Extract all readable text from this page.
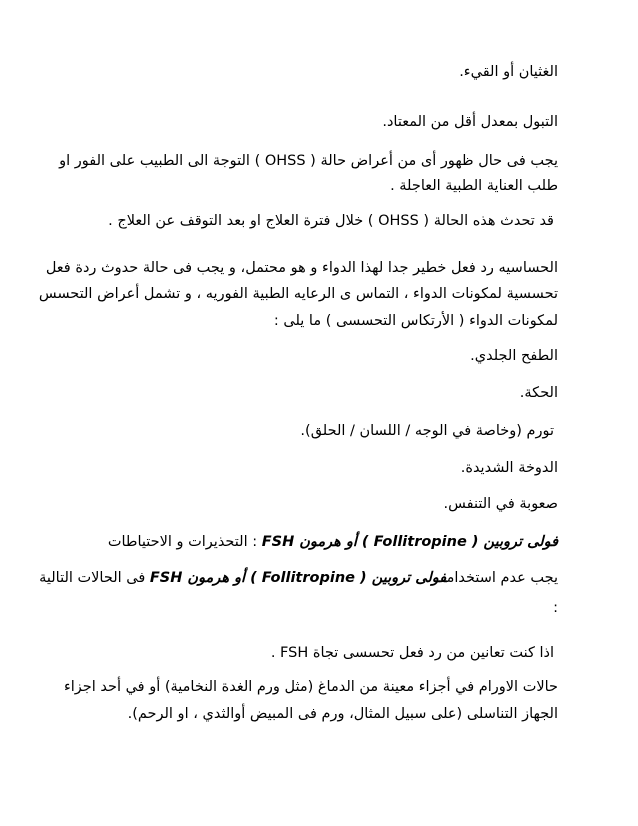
الغثيان أو القيء.
التبول بمعدل أقل من المعتاد.
يجب فى حال ظهور أى من أعراض حالة ( OHSS ) التوجة الى الطبيب على الفور او
طلب العناية الطبية العاجلة .
قد تحدث هذه الحالة ( OHSS ) خلال فترة العلاج او بعد التوقف عن العلاج .
الحساسيه رد فعل خطير جدا لهذا الدواء و هو محتمل، و يجب فى حالة حدوث ردة فعل
تحسسية لمكونات الدواء ، التماس ى الرعايه الطبية الفوريه ، و تشمل أعراض التحسس
لمكونات الدواء ( الأرتكاس التحسسى ) ما يلى :
الطفح الجلدي.
الحكة.
تورم (وخاصة في الوجه / اللسان / الحلق).
الدوخة الشديدة.
صعوبة في التنفس.
فولى تروبين ( Follitropine ) أو هرمون FSH : التحذيرات و الاحتياطات
يجب عدم استخدامفولى تروبين ( Follitropine ) أو هرمون FSH فى الحالات التالية
:
اذا كنت تعانين من رد فعل تحسسى تجاة FSH .
حالات الاورام في أجزاء معينة من الدماغ (مثل ورم الغدة النخامية) أو في أحد اجزاء
الجهاز التناسلى (على سبيل المثال، ورم فى المبيض أوالثدي ، او الرحم).
